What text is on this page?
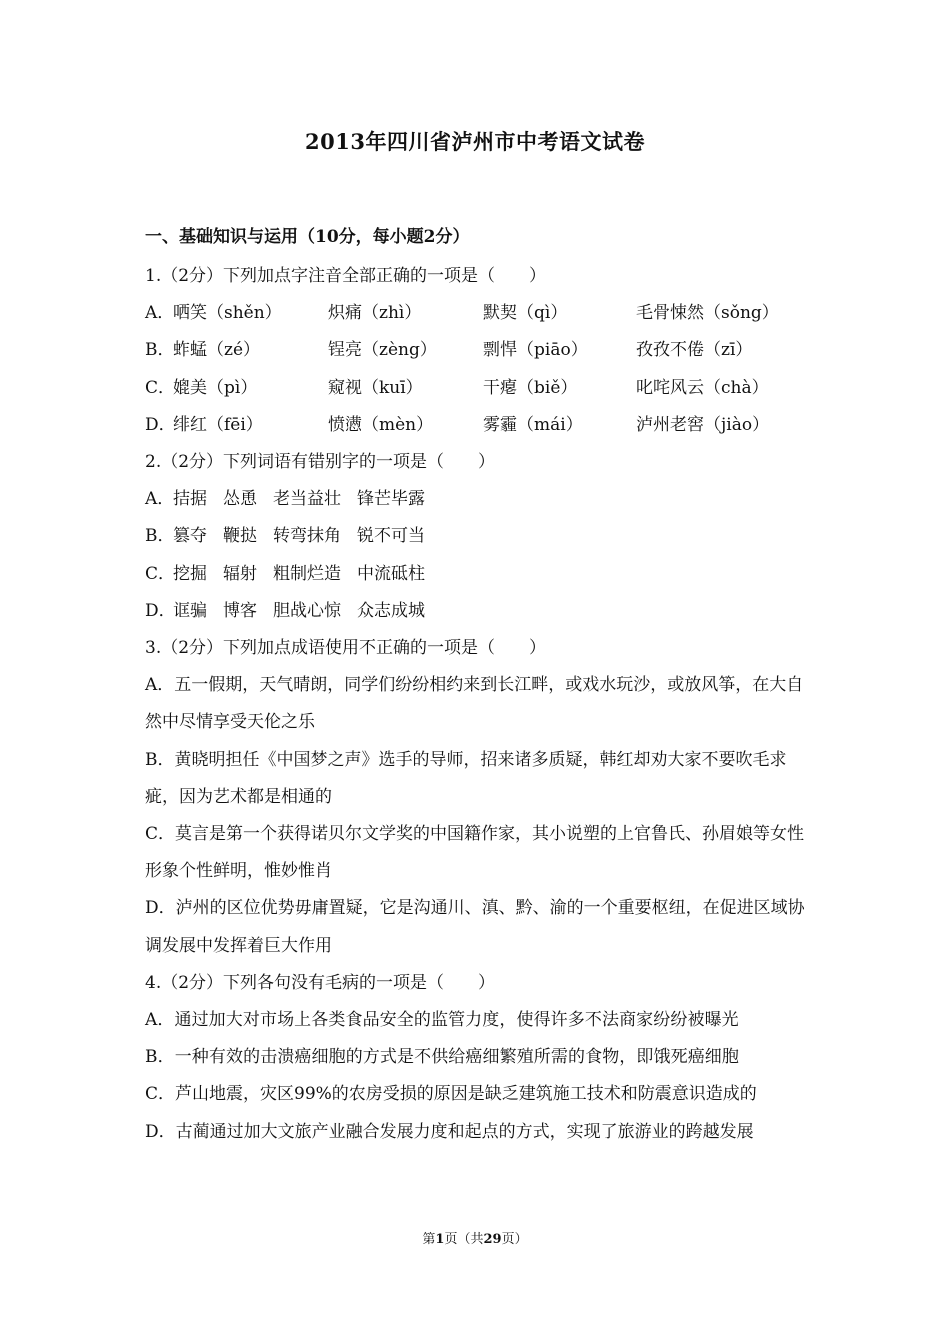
2013年四川省泸州市中考语文试卷
一、基础知识与运用（10分，每小题2分）
1.（2分）下列加点字注音全部正确的一项是（　　）
A．
哂笑（shěn）	炽痛（zhì）	默契（qì）	毛骨悚然（sǒng）
B．
蚱蜢（zé）	锃亮（zèng）	剽悍（piāo）	孜孜不倦（zī）
C．
媲美（pì）	窥视（kuī）	干瘪（biě）	叱咤风云（chà）
D．
绯红（fēi）	愤懑（mèn）	雾霾（mái）	泸州老窖（jiào）
2.（2分）下列词语有错别字的一项是（　　）
A．
拮据 怂恿 老当益壮 锋芒毕露
B．
篡夺 鞭挞 转弯抹角 锐不可当
C．
挖掘 辐射 粗制烂造 中流砥柱
D．
诓骗 博客 胆战心惊 众志成城
3.（2分）下列加点成语使用不正确的一项是（　　）
A．五一假期，天气晴朗，同学们纷纷相约来到长江畔，或戏水玩沙，或放风筝，在大自然中尽情享受天伦之乐
B．黄晓明担任《中国梦之声》选手的导师，招来诸多质疑，韩红却劝大家不要吹毛求疵，因为艺术都是相通的
C．莫言是第一个获得诺贝尔文学奖的中国籍作家，其小说塑的上官鲁氏、孙眉娘等女性形象个性鲜明，惟妙惟肖
D．泸州的区位优势毋庸置疑，它是沟通川、滇、黔、渝的一个重要枢纽，在促进区域协调发展中发挥着巨大作用
4.（2分）下列各句没有毛病的一项是（　　）
A．通过加大对市场上各类食品安全的监管力度，使得许多不法商家纷纷被曝光
B．一种有效的击溃癌细胞的方式是不供给癌细繁殖所需的食物，即饿死癌细胞
C．芦山地震，灾区99%的农房受损的原因是缺乏建筑施工技术和防震意识造成的
D．古蔺通过加大文旅产业融合发展力度和起点的方式，实现了旅游业的跨越发展
第1页（共29页）
